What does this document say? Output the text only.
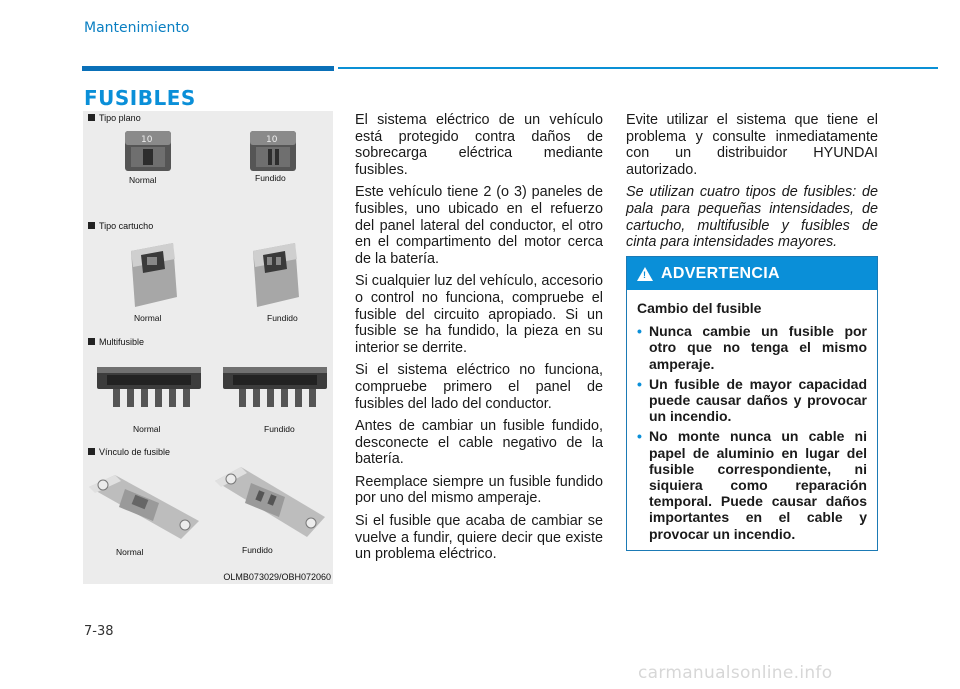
Mantenimiento
FUSIBLES
Tipo plano
10	10
Normal	Fundido
Tipo cartucho
Normal	Fundido
Multifusible
Normal	Fundido
Vínculo de fusible
Normal	Fundido
OLMB073029/OBH072060

El sistema eléctrico de un vehículo está protegido contra daños de sobrecarga eléctrica mediante fusibles.

Este vehículo tiene 2 (o 3) paneles de fusibles, uno ubicado en el refuerzo del panel lateral del conductor, el otro en el compartimento del motor cerca de la batería.

Si cualquier luz del vehículo, accesorio o control no funciona, compruebe el fusible del circuito apropiado. Si un fusible se ha fundido, la pieza en su interior se derrite.

Si el sistema eléctrico no funciona, compruebe primero el panel de fusibles del lado del conductor.

Antes de cambiar un fusible fundido, desconecte el cable negativo de la batería.

Reemplace siempre un fusible fundido por uno del mismo amperaje.

Si el fusible que acaba de cambiar se vuelve a fundir, quiere decir que existe un problema eléctrico.

Evite utilizar el sistema que tiene el problema y consulte inmediatamente con un distribuidor HYUNDAI autorizado.

Se utilizan cuatro tipos de fusibles: de pala para pequeñas intensidades, de cartucho, multifusible y fusibles de cinta para intensidades mayores.

!
ADVERTENCIA
Cambio del fusible
• Nunca cambie un fusible por otro que no tenga el mismo amperaje.
• Un fusible de mayor capacidad puede causar daños y provocar un incendio.
• No monte nunca un cable ni papel de aluminio en lugar del fusible correspondiente, ni siquiera como reparación temporal. Puede causar daños importantes en el cable y provocar un incendio.
7-38
carmanualsonline.info
